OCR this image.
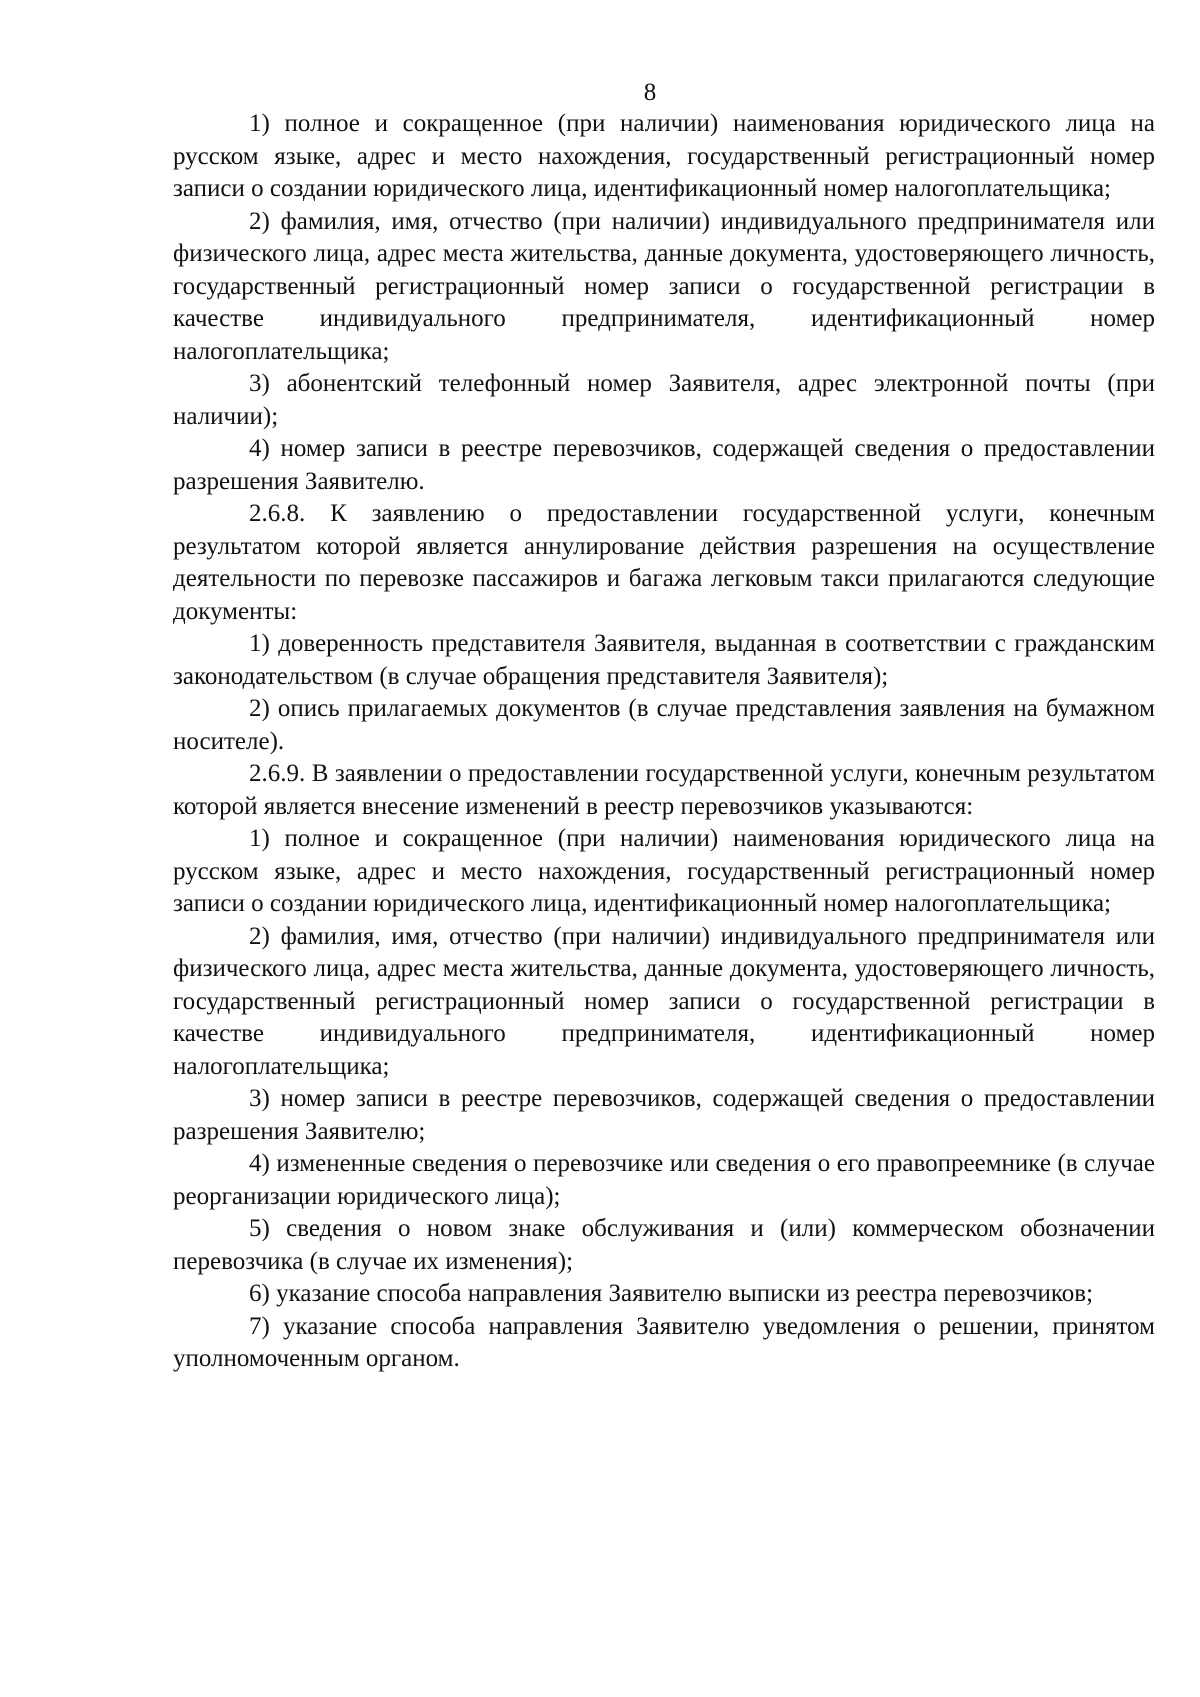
8

1) полное и сокращенное (при наличии) наименования юридического лица на русском языке, адрес и место нахождения, государственный регистрационный номер записи о создании юридического лица, идентификационный номер налогоплательщика;

2) фамилия, имя, отчество (при наличии) индивидуального предпринимателя или физического лица, адрес места жительства, данные документа, удостоверяющего личность, государственный регистрационный номер записи о государственной регистрации в качестве индивидуального предпринимателя, идентификационный номер налогоплательщика;

3) абонентский телефонный номер Заявителя, адрес электронной почты (при наличии);

4) номер записи в реестре перевозчиков, содержащей сведения о предоставлении разрешения Заявителю.

2.6.8. К заявлению о предоставлении государственной услуги, конечным результатом которой является аннулирование действия разрешения на осуществление деятельности по перевозке пассажиров и багажа легковым такси прилагаются следующие документы:

1) доверенность представителя Заявителя, выданная в соответствии с гражданским законодательством (в случае обращения представителя Заявителя);

2) опись прилагаемых документов (в случае представления заявления на бумажном носителе).

2.6.9. В заявлении о предоставлении государственной услуги, конечным результатом которой является внесение изменений в реестр перевозчиков указываются:

1) полное и сокращенное (при наличии) наименования юридического лица на русском языке, адрес и место нахождения, государственный регистрационный номер записи о создании юридического лица, идентификационный номер налогоплательщика;

2) фамилия, имя, отчество (при наличии) индивидуального предпринимателя или физического лица, адрес места жительства, данные документа, удостоверяющего личность, государственный регистрационный номер записи о государственной регистрации в качестве индивидуального предпринимателя, идентификационный номер налогоплательщика;

3) номер записи в реестре перевозчиков, содержащей сведения о предоставлении разрешения Заявителю;

4) измененные сведения о перевозчике или сведения о его правопреемнике (в случае реорганизации юридического лица);

5) сведения о новом знаке обслуживания и (или) коммерческом обозначении перевозчика (в случае их изменения);

6) указание способа направления Заявителю выписки из реестра перевозчиков;

7) указание способа направления Заявителю уведомления о решении, принятом уполномоченным органом.
